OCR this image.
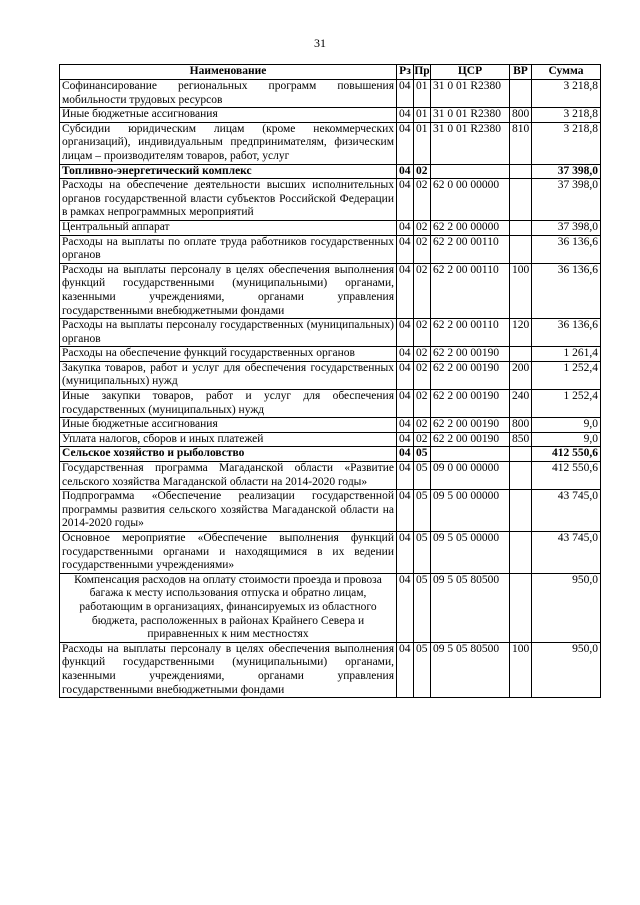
31
Наименование	Рз	Пр	ЦСР	ВР	Сумма
Софинансирование региональных программ повышения мобильности трудовых ресурсов	04	01	31 0 01 R2380		3 218,8
Иные бюджетные ассигнования	04	01	31 0 01 R2380	800	3 218,8
Субсидии юридическим лицам (кроме некоммерческих организаций), индивидуальным предпринимателям, физическим лицам – производителям товаров, работ, услуг	04	01	31 0 01 R2380	810	3 218,8
Топливно-энергетический комплекс	04	02			37 398,0
Расходы на обеспечение деятельности высших исполнительных органов государственной власти субъектов Российской Федерации в рамках непрограммных мероприятий	04	02	62 0 00 00000		37 398,0
Центральный аппарат	04	02	62 2 00 00000		37 398,0
Расходы на выплаты по оплате труда работников государственных органов	04	02	62 2 00 00110		36 136,6
Расходы на выплаты персоналу в целях обеспечения выполнения функций государственными (муниципальными) органами, казенными учреждениями, органами управления государственными внебюджетными фондами	04	02	62 2 00 00110	100	36 136,6
Расходы на выплаты персоналу государственных (муниципальных) органов	04	02	62 2 00 00110	120	36 136,6
Расходы на обеспечение функций государственных органов	04	02	62 2 00 00190		1 261,4
Закупка товаров, работ и услуг для обеспечения государственных (муниципальных) нужд	04	02	62 2 00 00190	200	1 252,4
Иные закупки товаров, работ и услуг для обеспечения государственных (муниципальных) нужд	04	02	62 2 00 00190	240	1 252,4
Иные бюджетные ассигнования	04	02	62 2 00 00190	800	9,0
Уплата налогов, сборов и иных платежей	04	02	62 2 00 00190	850	9,0
Сельское хозяйство и рыболовство	04	05			412 550,6
Государственная программа Магаданской области «Развитие сельского хозяйства Магаданской области на 2014-2020 годы»	04	05	09 0 00 00000		412 550,6
Подпрограмма «Обеспечение реализации государственной программы развития сельского хозяйства Магаданской области на 2014-2020 годы»	04	05	09 5 00 00000		43 745,0
Основное мероприятие «Обеспечение выполнения функций государственными органами и находящимися в их ведении государственными учреждениями»	04	05	09 5 05 00000		43 745,0
Компенсация расходов на оплату стоимости проезда и провоза багажа к месту использования отпуска и обратно лицам, работающим в организациях, финансируемых из областного бюджета, расположенных в районах Крайнего Севера и приравненных к ним местностях	04	05	09 5 05 80500		950,0
Расходы на выплаты персоналу в целях обеспечения выполнения функций государственными (муниципальными) органами, казенными учреждениями, органами управления государственными внебюджетными фондами	04	05	09 5 05 80500	100	950,0
